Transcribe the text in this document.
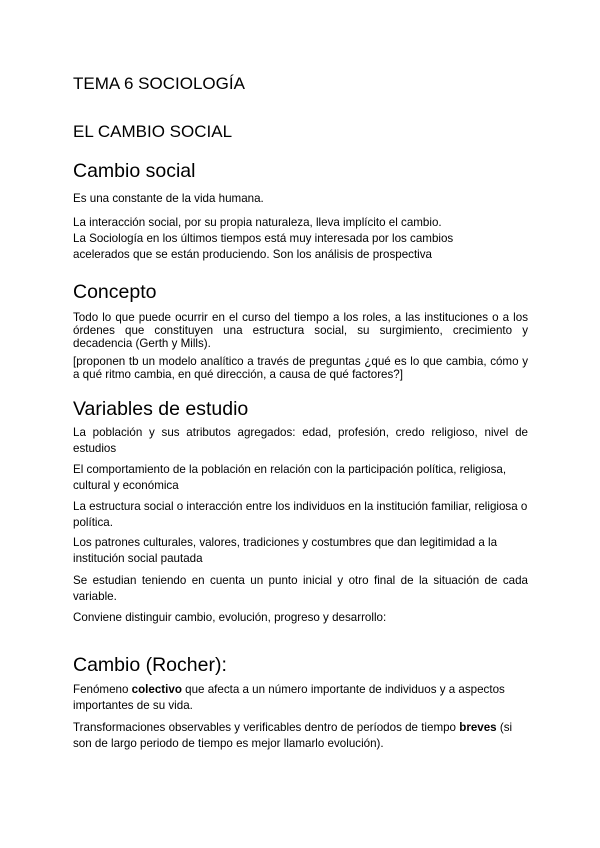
TEMA 6 SOCIOLOGÍA
EL CAMBIO SOCIAL
Cambio social
Es una constante de la vida humana.
La interacción social, por su propia naturaleza, lleva implícito el cambio.
La Sociología en los últimos tiempos está muy interesada por los cambios
acelerados que se están produciendo. Son los análisis de prospectiva
Concepto
Todo lo que puede ocurrir en el curso del tiempo a los roles, a las instituciones o a los órdenes que constituyen una estructura social, su surgimiento, crecimiento y decadencia (Gerth y Mills).
[proponen tb un modelo analítico a través de preguntas ¿qué es lo que cambia, cómo y a qué ritmo cambia, en qué dirección, a causa de qué factores?]
Variables de estudio
La población y sus atributos agregados: edad, profesión, credo religioso, nivel de estudios
El comportamiento de la población en relación con la participación política, religiosa, cultural y económica
La estructura social o interacción entre los individuos en la institución familiar, religiosa o política.
Los patrones culturales, valores, tradiciones y costumbres que dan legitimidad a la institución social pautada
Se estudian teniendo en cuenta un punto inicial y otro final de la situación de cada variable.
Conviene distinguir cambio, evolución, progreso y desarrollo:
Cambio (Rocher):
Fenómeno colectivo que afecta a un número importante de individuos y a aspectos importantes de su vida.
Transformaciones observables y verificables dentro de períodos de tiempo breves (si son de largo periodo de tiempo es mejor llamarlo evolución).
